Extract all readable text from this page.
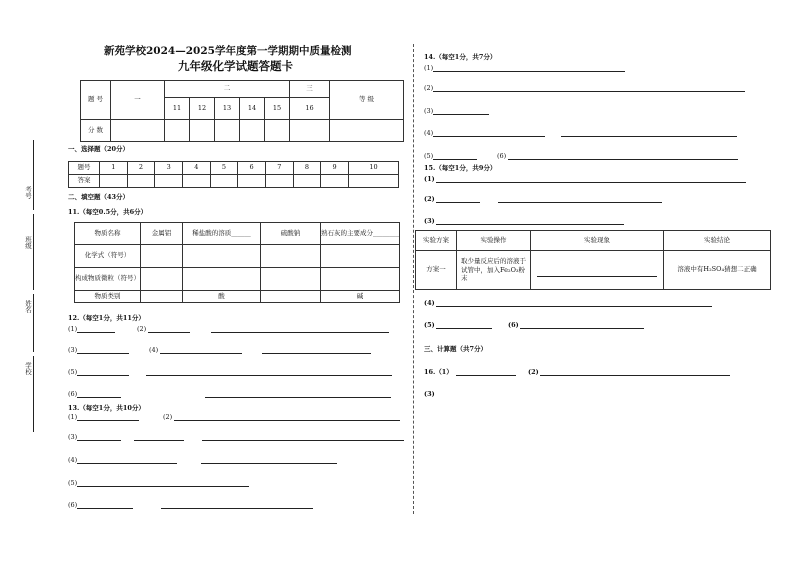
新苑学校2024—2025学年度第一学期期中质量检测
九年级化学试题答题卡
题 号	一	二					三	等 级
		11	12	13	14	15	16	
分 数								
考号
班级
姓名
学校
一、选择题（20分）
题号	1	2	3	4	5	6	7	8	9	10
答案										
二、填空题（43分）
11.（每空0.5分，共6分）
物质名称	金属铝	稀盐酸的溶质______	硫酸钠	熟石灰的主要成分________
化学式（符号）				
构成物质微粒（符号）				
物质类别		酸		碱
12.（每空1分，共11分）
(1)	(2)
(3)	(4)
(5)
(6)
13.（每空1分，共10分）
(1)	(2)
(3)
(4)
(5)
(6)
14.（每空1分，共7分）
(1)
(2)
(3)
(4)
(5)	(6)
15.（每空1分，共9分）
(1)
(2)
(3)
实验方案	实验操作	实验现象	实验结论
方案一	取少量反应后的溶液于试管中，加入Fe₂O₃粉末		溶液中有H₂SO₄猜想二正确
(4)
(5)	(6)
三、计算题（共7分）
16.（1）	(2)
(3)
